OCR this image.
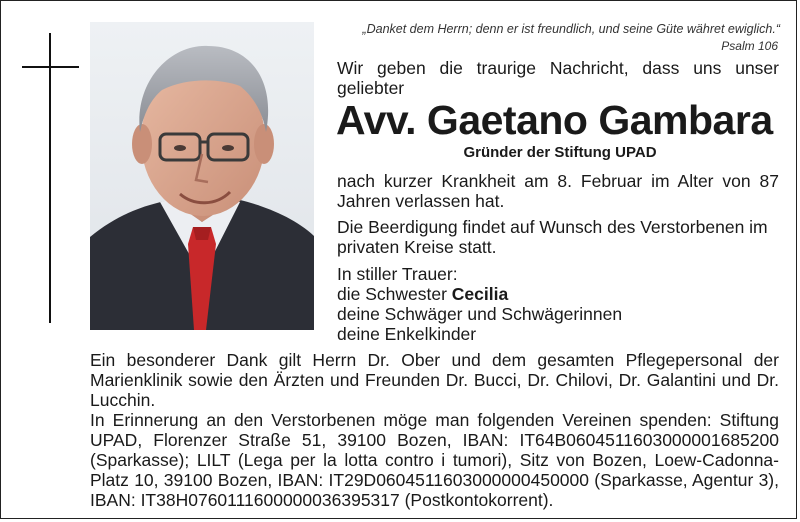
„Danket dem Herrn; denn er ist freundlich, und seine Güte währet ewiglich.“
Psalm 106
Wir geben die traurige Nachricht, dass uns unser geliebter
Avv. Gaetano Gambara
Gründer der Stiftung UPAD
nach kurzer Krankheit am 8. Februar im Alter von 87 Jahren verlassen hat.
Die Beerdigung findet auf Wunsch des Verstorbenen im privaten Kreise statt.
In stiller Trauer:
die Schwester Cecilia
deine Schwäger und Schwägerinnen
deine Enkelkinder

Ein besonderer Dank gilt Herrn Dr. Ober und dem gesamten Pflegepersonal der Marienklinik sowie den Ärzten und Freunden Dr. Bucci, Dr. Chilovi, Dr. Galantini und Dr. Lucchin.

In Erinnerung an den Verstorbenen möge man folgenden Vereinen spenden: Stiftung UPAD, Florenzer Straße 51, 39100 Bozen, IBAN: IT64B0604511603000001685200 (Sparkasse); LILT (Lega per la lotta contro i tumori), Sitz von Bozen, Loew-Cadonna-Platz 10, 39100 Bozen, IBAN: IT29D0604511603000000450000 (Sparkasse, Agentur 3), IBAN: IT38H0760111600000036395317 (Postkontokorrent).
